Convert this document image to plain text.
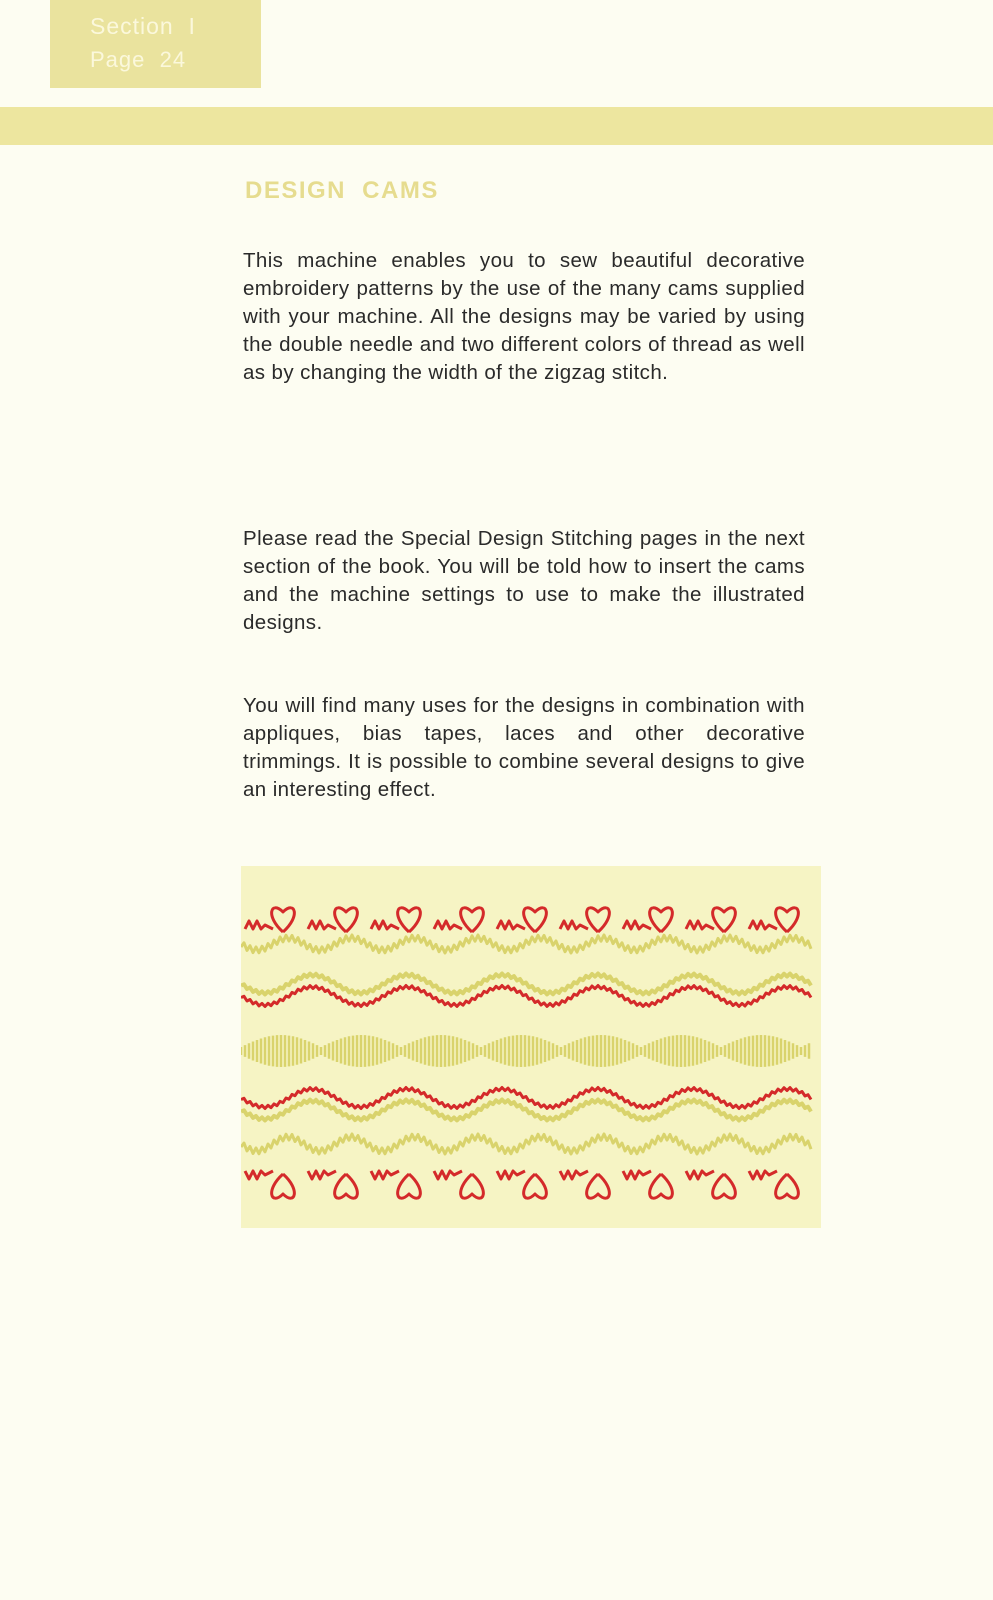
Section  I
Page  24
DESIGN CAMS

This machine enables you to sew beautiful decorative embroidery patterns by the use of the many cams supplied with your machine. All the designs may be varied by using the double needle and two different colors of thread as well as by changing the width of the zigzag stitch.

Please read the Special Design Stitching pages in the next section of the book. You will be told how to insert the cams and the machine settings to use to make the illustrated designs.

You will find many uses for the designs in combination with appliques, bias tapes, laces and other decorative trimmings. It is possible to combine several designs to give an interesting effect.
